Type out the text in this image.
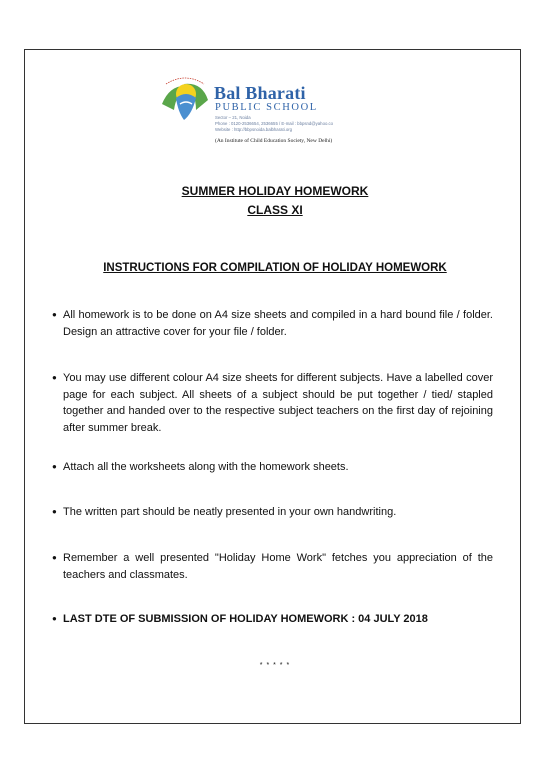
Bal Bharati
PUBLIC SCHOOL
Sector – 21, Noida
Phone : 0120-2536654, 2536655 / E-mail : bbpsnd@yahoo.co
Website : http://bbpsnoida.balbharati.org
(An Institute of Child Education Society, New Delhi)
SUMMER HOLIDAY HOMEWORK
CLASS XI
INSTRUCTIONS FOR COMPILATION OF HOLIDAY HOMEWORK
● All homework is to be done on A4 size sheets and compiled in a hard bound file / folder. Design an attractive cover for your file / folder.
● You may use different colour A4 size sheets for different subjects. Have a labelled cover page for each subject. All sheets of a subject should be put together / tied/ stapled together and handed over to the respective subject teachers on the first day of rejoining after summer break.
● Attach all the worksheets along with the homework sheets.
● The written part should be neatly presented in your own handwriting.
● Remember a well presented "Holiday Home Work" fetches you appreciation of the teachers and classmates.
● LAST DTE OF SUBMISSION OF HOLIDAY HOMEWORK : 04 JULY 2018
* * * * *
